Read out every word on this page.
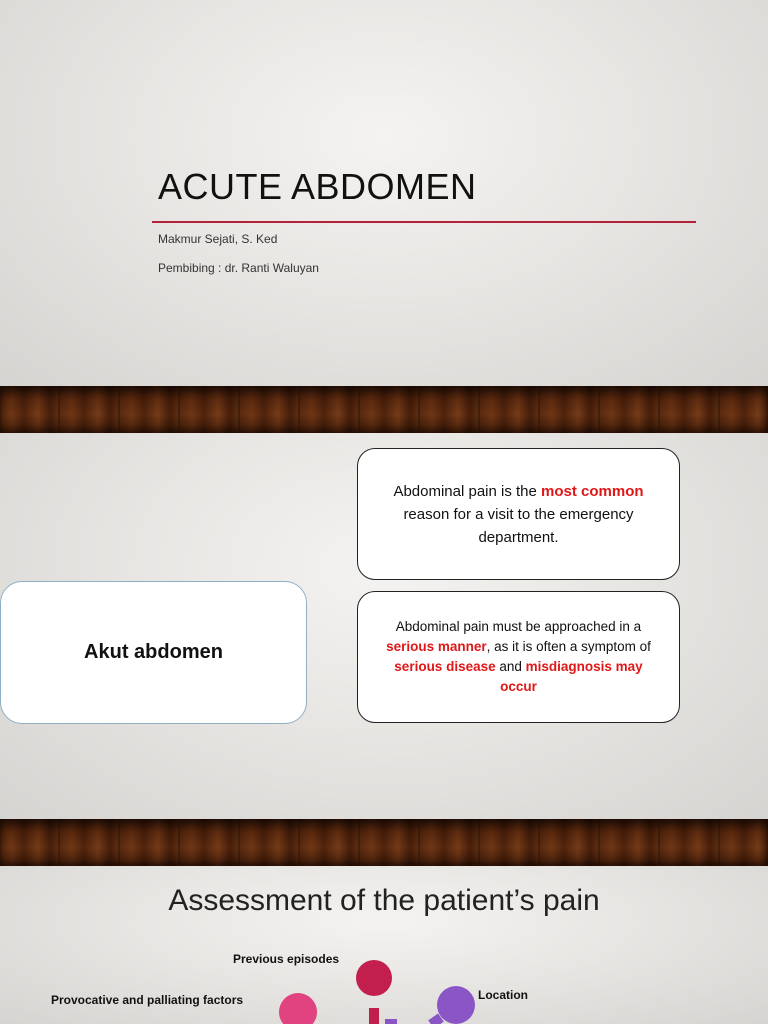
ACUTE ABDOMEN
Makmur Sejati, S. Ked
Pembibing : dr. Ranti Waluyan
Akut abdomen
Abdominal pain is the most common reason for a visit to the emergency department.
Abdominal pain must be approached in a serious manner, as it is often a symptom of serious disease and misdiagnosis may occur
Assessment of the patient’s pain
Previous episodes
Location
Provocative and palliating factors
